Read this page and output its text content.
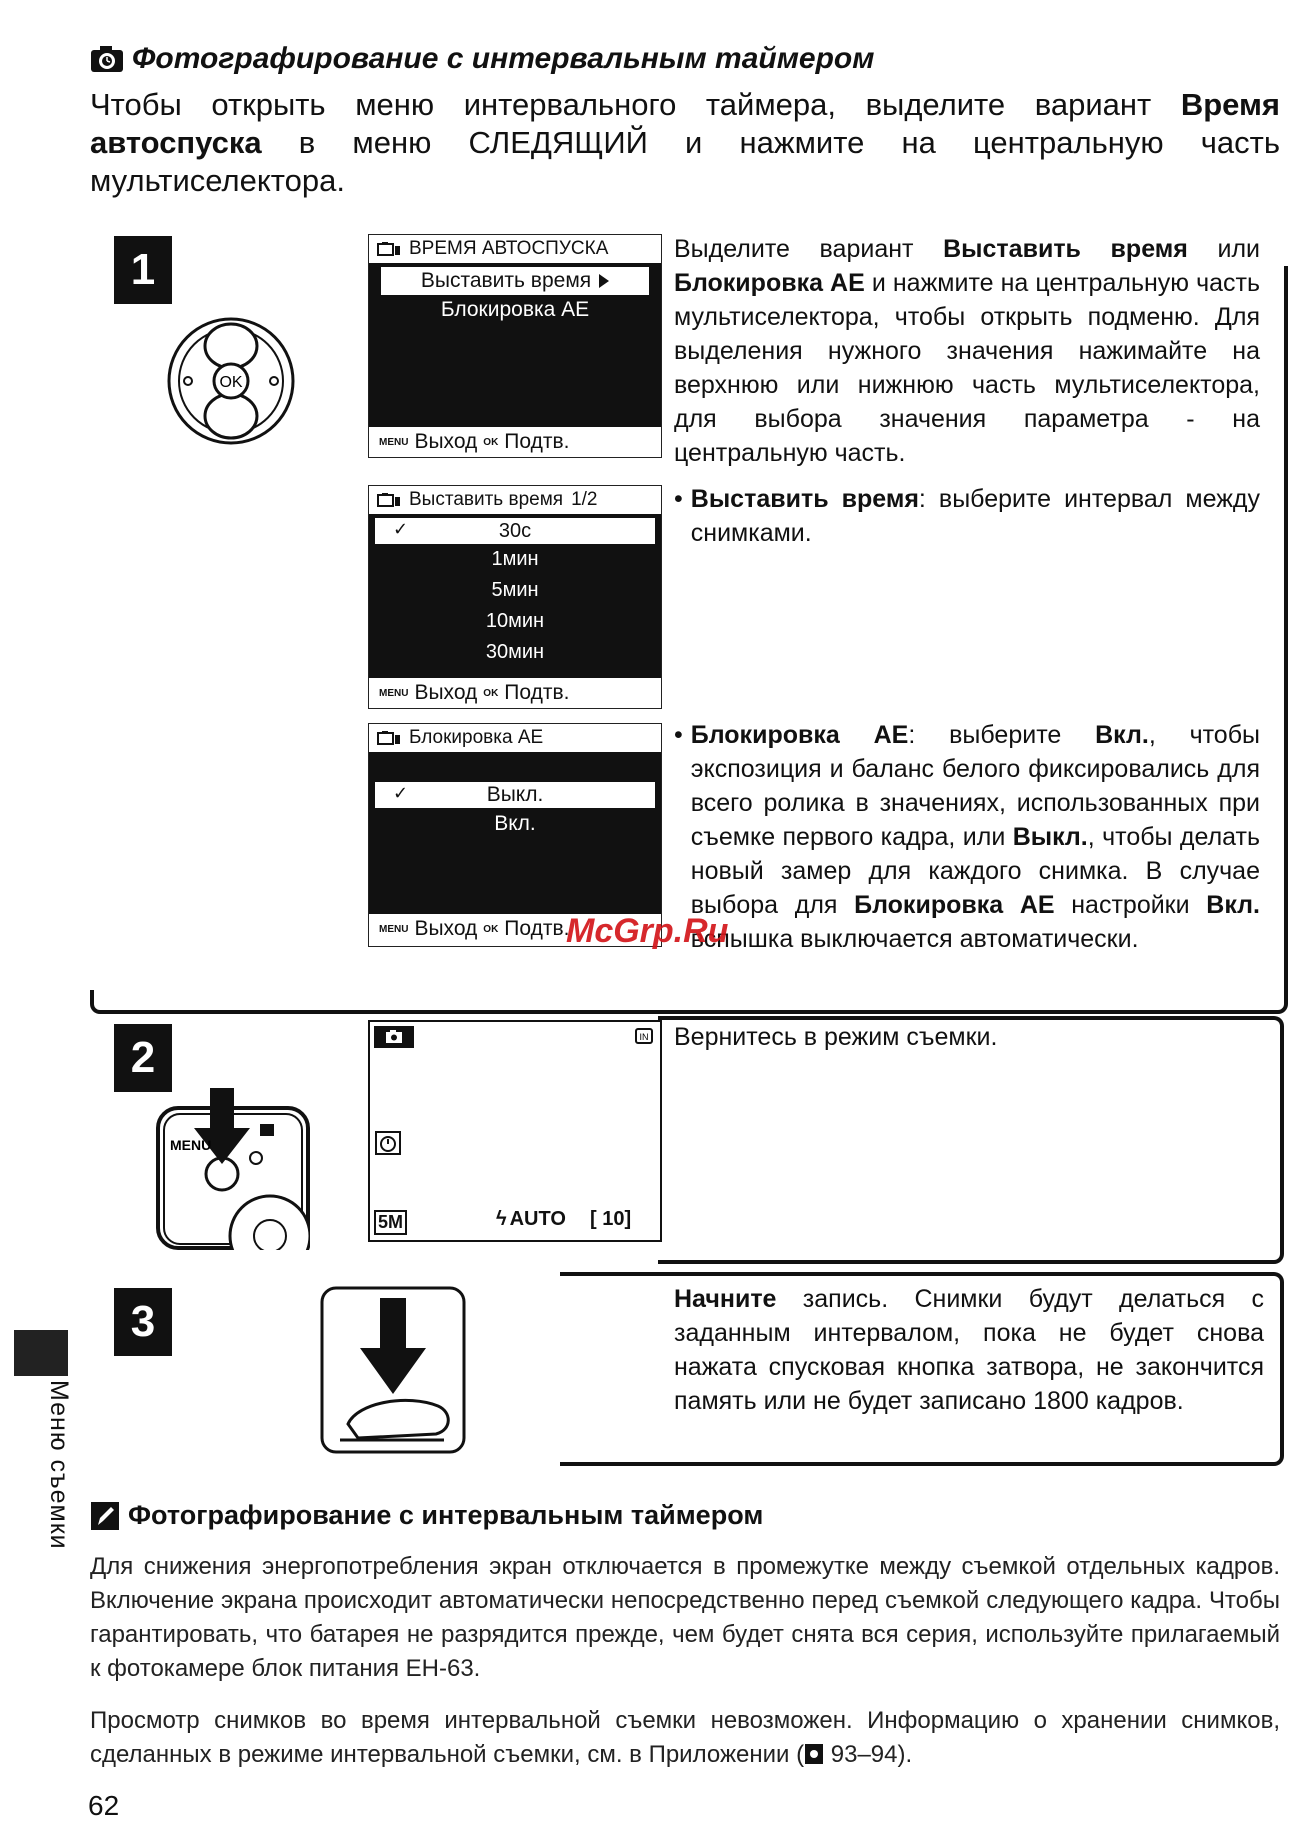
Фотографирование с интервальным таймером
Чтобы открыть меню интервального таймера, выделите вариант Время автоспуска в меню СЛЕДЯЩИЙ и нажмите на центральную часть мультиселектора.
1
OK
ВРЕМЯ АВТОСПУСКА
Выставить время
Блокировка АЕ
MENU Выход OK Подтв.
Выставить время 1/2
✓	30с
1мин
5мин
10мин
30мин
MENU Выход OK Подтв.
Блокировка АЕ
✓	Выкл.
Вкл.
MENU Выход OK Подтв.
Выделите вариант Выставить время или Блокировка АЕ и нажмите на центральную часть мультиселектора, чтобы открыть подменю. Для выделения нужного значения нажимайте на верхнюю или нижнюю часть мультиселектора, для выбора значения параметра - на центральную часть.
• Выставить время: выберите интервал между снимками.
• Блокировка АЕ: выберите Вкл., чтобы экспозиция и баланс белого фиксировались для всего ролика в значениях, использованных при съемке первого кадра, или Выкл., чтобы делать новый замер для каждого снимка. В случае выбора для Блокировка АЕ настройки Вкл. вспышка выключается автоматически.
2
MENU
IN
5M	ϟ AUTO [ 10]
Вернитесь в режим съемки.
3	Начните запись. Снимки будут делаться с заданным интервалом, пока не будет снова нажата спусковая кнопка затвора, не закончится память или не будет записано 1800 кадров.
Меню съемки Фотографирование с интервальным таймером
Для снижения энергопотребления экран отключается в промежутке между съемкой отдельных кадров. Включение экрана происходит автоматически непосредственно перед съемкой следующего кадра. Чтобы гарантировать, что батарея не разрядится прежде, чем будет снята вся серия, используйте прилагаемый к фотокамере блок питания EH-63.
Просмотр снимков во время интервальной съемки невозможен. Информацию о хранении снимков, сделанных в режиме интервальной съемки, см. в Приложении ( 93–94).
62
McGrp.Ru
